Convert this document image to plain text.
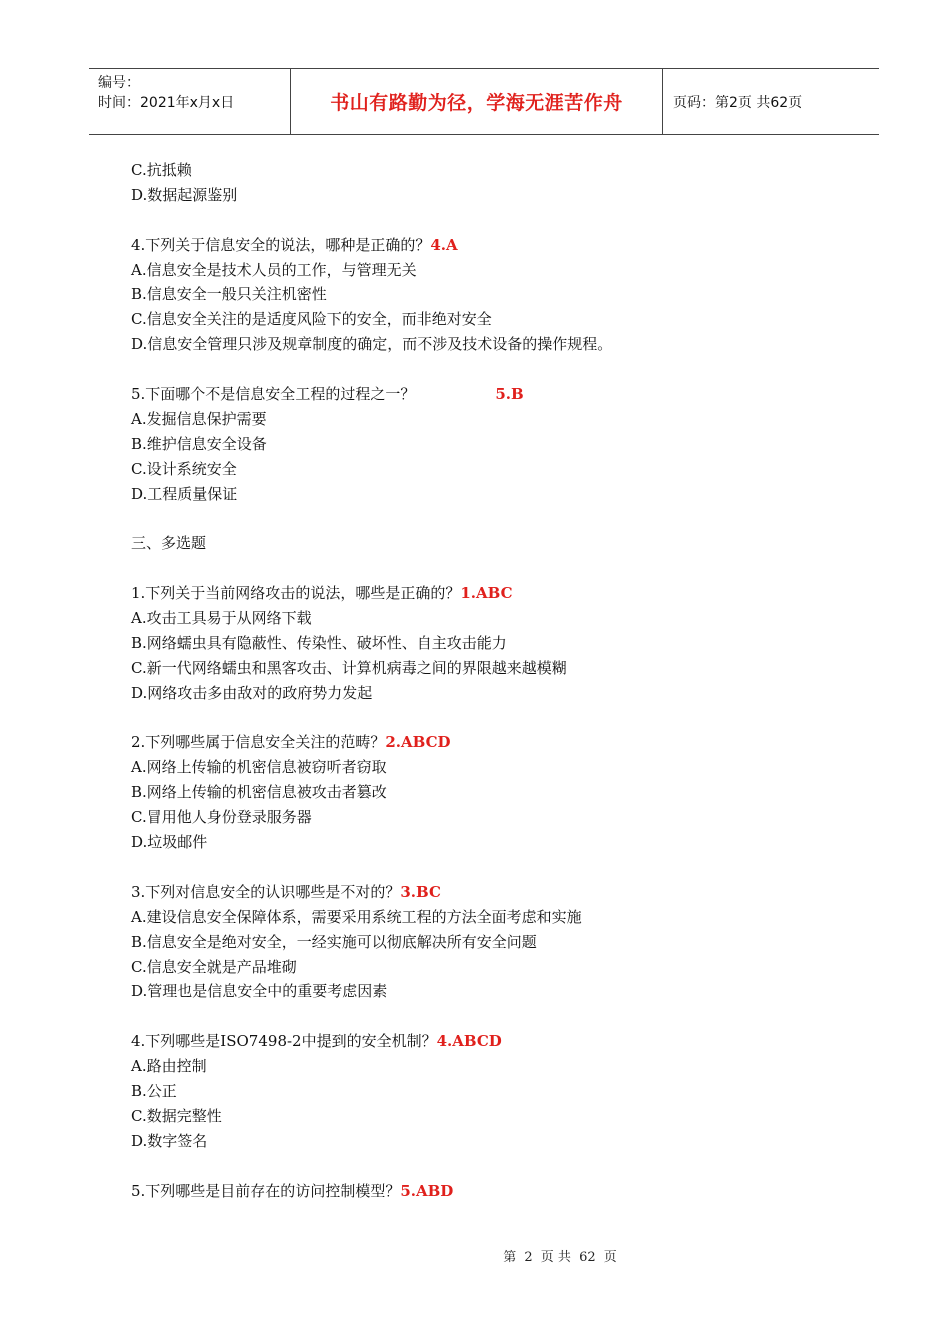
编号：
时间：2021年x月x日	书山有路勤为径，学海无涯苦作舟	页码：第2页 共62页
C.抗抵赖
D.数据起源鉴别
4.下列关于信息安全的说法，哪种是正确的？4.A
A.信息安全是技术人员的工作，与管理无关
B.信息安全一般只关注机密性
C.信息安全关注的是适度风险下的安全，而非绝对安全
D.信息安全管理只涉及规章制度的确定，而不涉及技术设备的操作规程。
5.下面哪个不是信息安全工程的过程之一？	5.B
A.发掘信息保护需要
B.维护信息安全设备
C.设计系统安全
D.工程质量保证
三、多选题
1.下列关于当前网络攻击的说法，哪些是正确的？1.ABC
A.攻击工具易于从网络下载
B.网络蠕虫具有隐蔽性、传染性、破坏性、自主攻击能力
C.新一代网络蠕虫和黑客攻击、计算机病毒之间的界限越来越模糊
D.网络攻击多由敌对的政府势力发起
2.下列哪些属于信息安全关注的范畴？2.ABCD
A.网络上传输的机密信息被窃听者窃取
B.网络上传输的机密信息被攻击者篡改
C.冒用他人身份登录服务器
D.垃圾邮件
3.下列对信息安全的认识哪些是不对的？3.BC
A.建设信息安全保障体系，需要采用系统工程的方法全面考虑和实施
B.信息安全是绝对安全，一经实施可以彻底解决所有安全问题
C.信息安全就是产品堆砌
D.管理也是信息安全中的重要考虑因素
4.下列哪些是ISO7498-2中提到的安全机制？4.ABCD
A.路由控制
B.公正
C.数据完整性
D.数字签名
5.下列哪些是目前存在的访问控制模型？5.ABD
第 2 页 共 62 页
